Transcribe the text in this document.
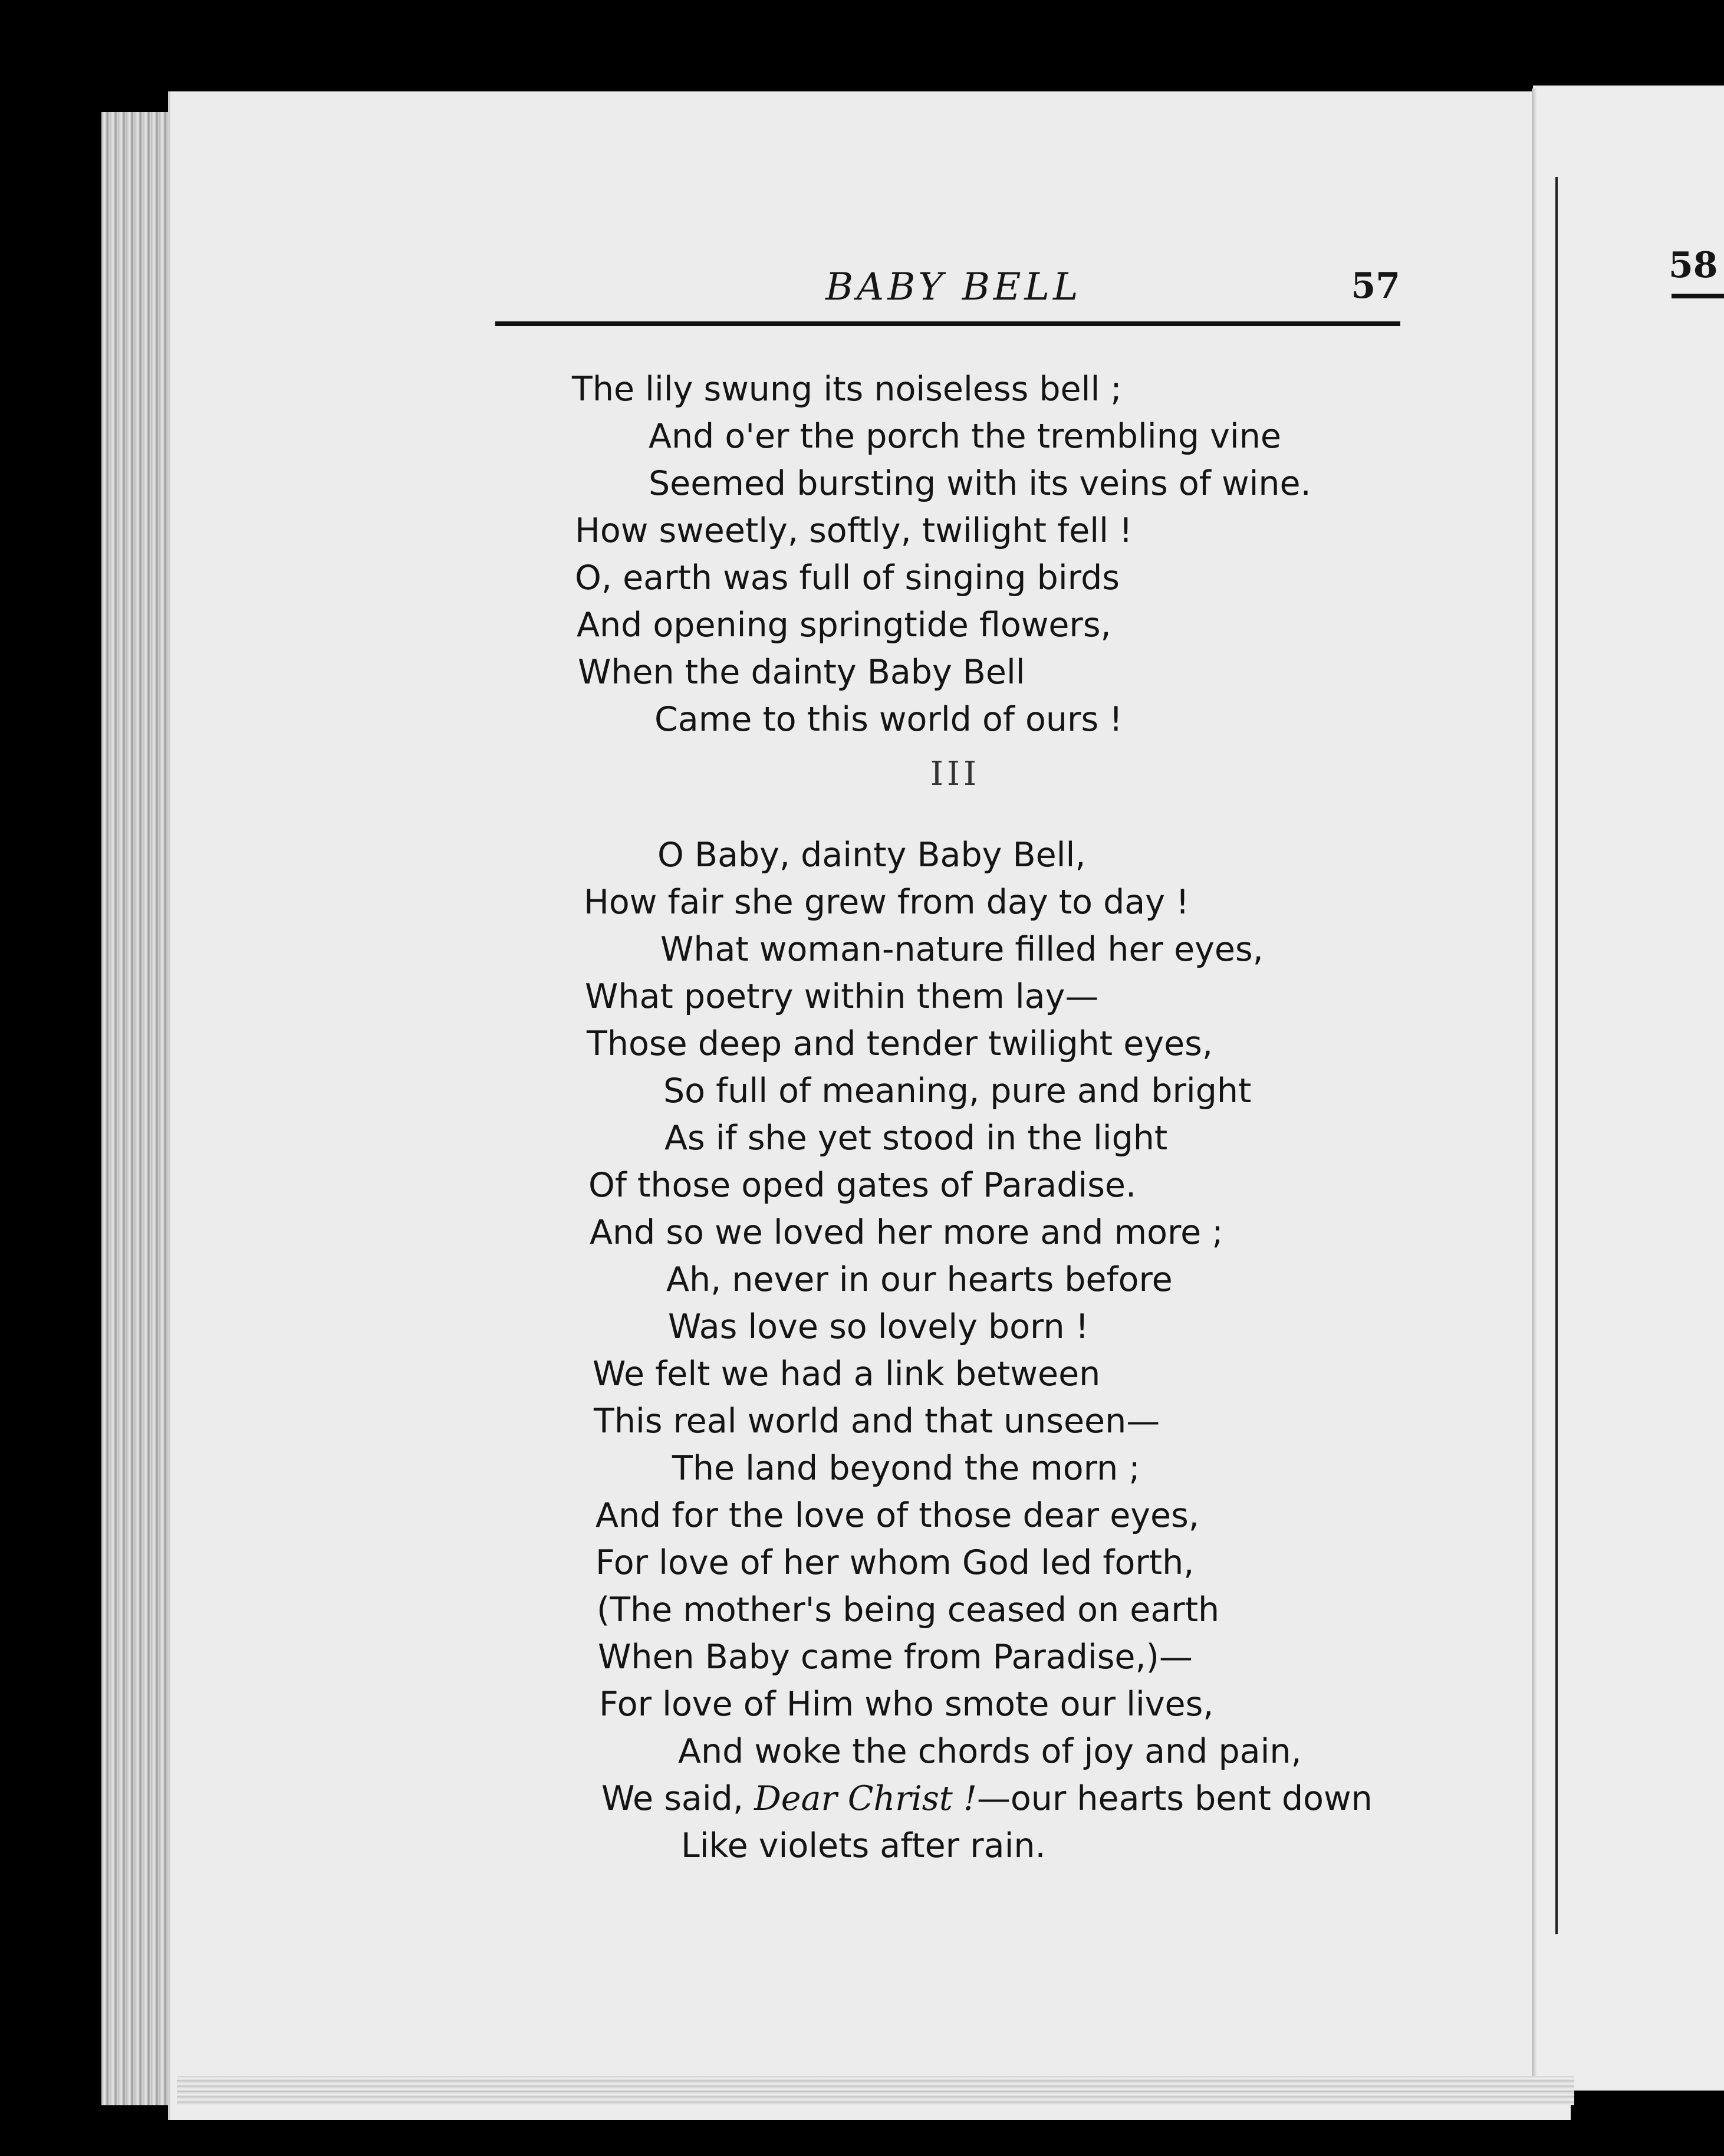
BABY BELL	57	58
The lily swung its noiseless bell ;
And o'er the porch the trembling vine
Seemed bursting with its veins of wine.
How sweetly, softly, twilight fell !
O, earth was full of singing birds
And opening springtide flowers,
When the dainty Baby Bell
Came to this world of ours !
III
O Baby, dainty Baby Bell,
How fair she grew from day to day !
What woman-nature filled her eyes,
What poetry within them lay—
Those deep and tender twilight eyes,
So full of meaning, pure and bright
As if she yet stood in the light
Of those oped gates of Paradise.
And so we loved her more and more ;
Ah, never in our hearts before
Was love so lovely born !
We felt we had a link between
This real world and that unseen—
The land beyond the morn ;
And for the love of those dear eyes,
For love of her whom God led forth,
(The mother's being ceased on earth
When Baby came from Paradise,)—
For love of Him who smote our lives,
And woke the chords of joy and pain,
We said, Dear Christ !—our hearts bent down
Like violets after rain.
